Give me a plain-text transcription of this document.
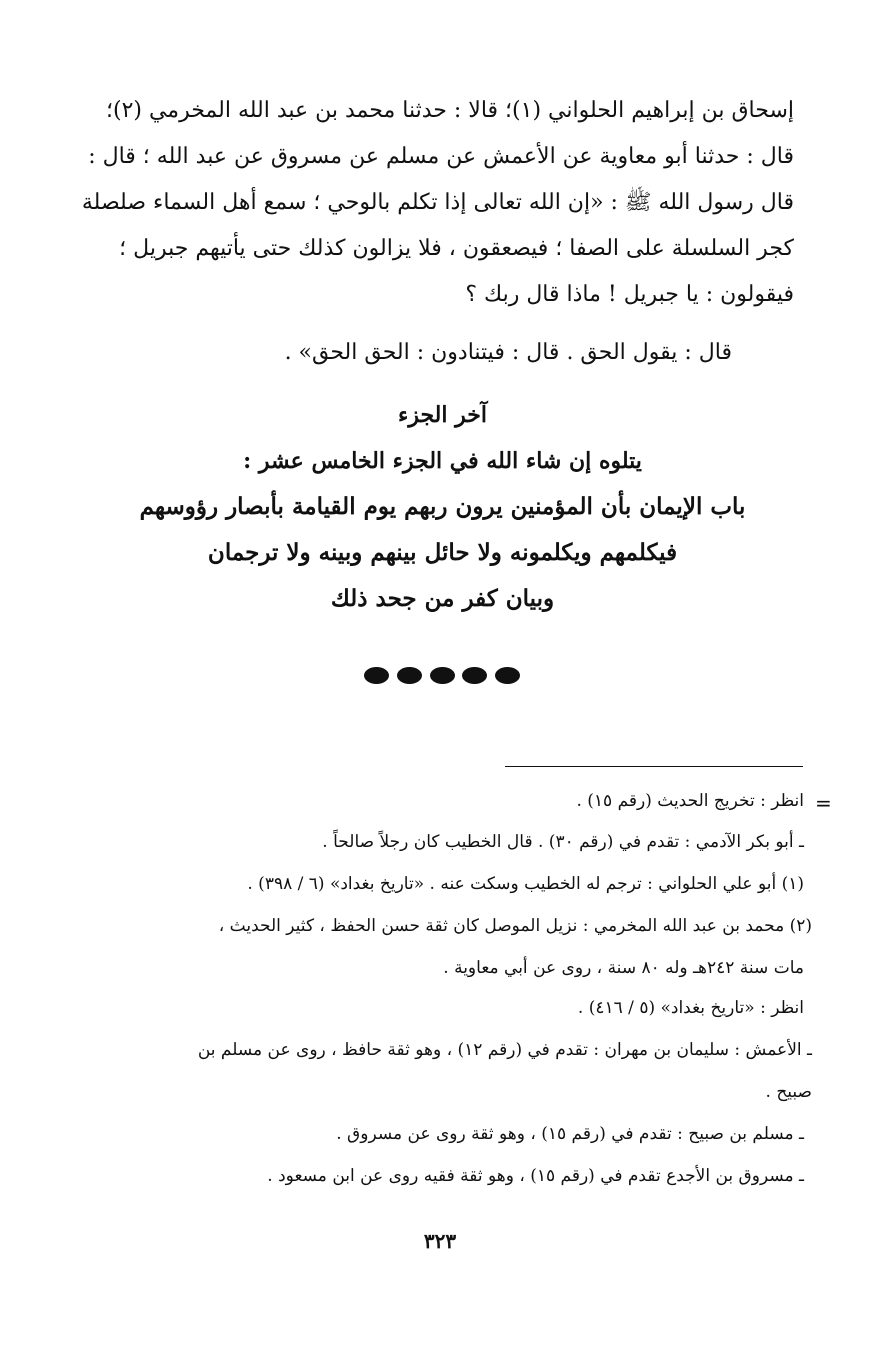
إسحاق بن إبراهيم الحلواني (١)؛ قالا : حدثنا محمد بن عبد الله المخرمي (٢)؛
قال : حدثنا أبو معاوية عن الأعمش عن مسلم عن مسروق عن عبد الله ؛ قال :
قال رسول الله ﷺ : «إن الله تعالى إذا تكلم بالوحي ؛ سمع أهل السماء صلصلة
كجر السلسلة على الصفا ؛ فيصعقون ، فلا يزالون كذلك حتى يأتيهم جبريل ؛
فيقولون : يا جبريل ! ماذا قال ربك ؟
قال : يقول الحق . قال : فيتنادون : الحق الحق» .
آخر الجزء
يتلوه إن شاء الله في الجزء الخامس عشر :
باب الإيمان بأن المؤمنين يرون ربهم يوم القيامة بأبصار رؤوسهم
فيكلمهم ويكلمونه ولا حائل بينهم وبينه ولا ترجمان
وبيان كفر من جحد ذلك
=
انظر : تخريج الحديث (رقم ١٥) .
ـ أبو بكر الآدمي : تقدم في (رقم ٣٠) . قال الخطيب كان رجلاً صالحاً .
(١) أبو علي الحلواني : ترجم له الخطيب وسكت عنه . «تاريخ بغداد» (٦ / ٣٩٨) .
(٢) محمد بن عبد الله المخرمي : نزيل الموصل كان ثقة حسن الحفظ ، كثير الحديث ،
مات سنة ٢٤٢هـ وله ٨٠ سنة ، روى عن أبي معاوية .
انظر : «تاريخ بغداد» (٥ / ٤١٦) .
ـ الأعمش : سليمان بن مهران : تقدم في (رقم ١٢) ، وهو ثقة حافظ ، روى عن مسلم بن
صبيح .
ـ مسلم بن صبيح : تقدم في (رقم ١٥) ، وهو ثقة روى عن مسروق .
ـ مسروق بن الأجدع تقدم في (رقم ١٥) ، وهو ثقة فقيه روى عن ابن مسعود .
٣٢٣
